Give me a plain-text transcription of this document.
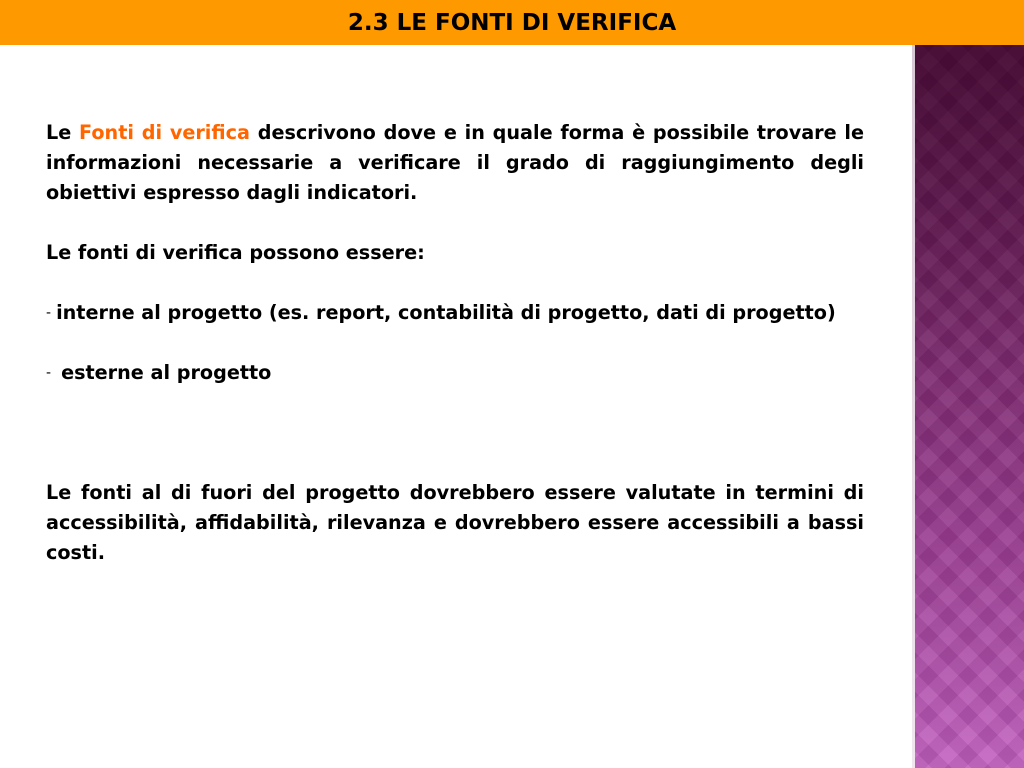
2.3 LE FONTI DI VERIFICA

Le Fonti di verifica descrivono dove e in quale forma è possibile trovare le informazioni necessarie a verificare il grado di raggiungimento degli obiettivi espresso dagli indicatori.

Le fonti di verifica possono essere:

- interne al progetto (es. report, contabilità di progetto, dati di progetto)

- esterne al progetto

Le fonti al di fuori del progetto dovrebbero essere valutate in termini di accessibilità, affidabilità, rilevanza e dovrebbero essere accessibili a bassi costi.
